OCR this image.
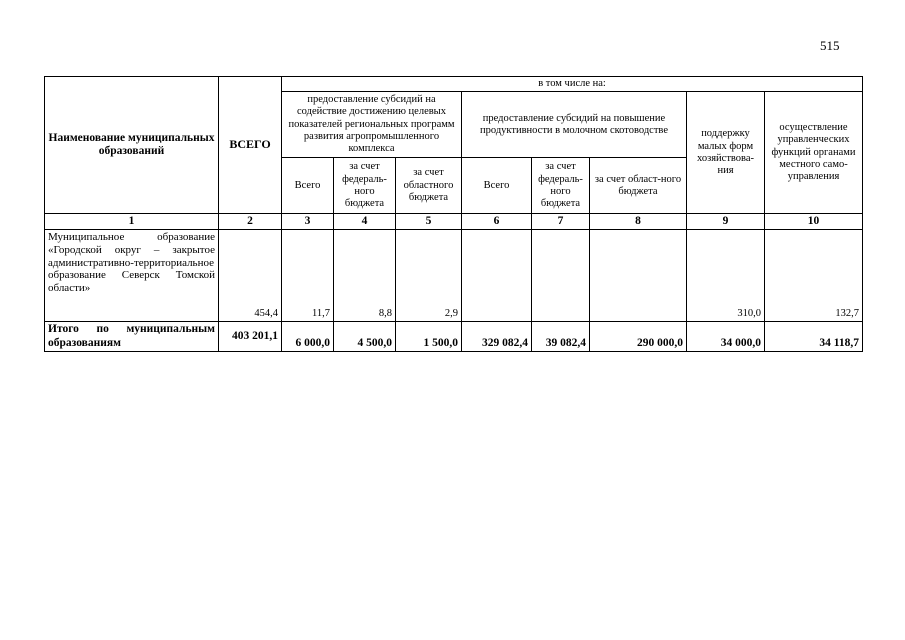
515
Наименование муниципальных образований	ВСЕГО	в том числе на:							
		предоставление субсидий на содействие достижению целевых показателей региональных программ развития агропромышленного комплекса			предоставление субсидий на повышение продуктивности в молочном скотоводстве			поддержку малых форм хозяйствова-ния	осуществление управленческих функций органами местного само-управления
		Всего	за счет федераль-ного бюджета	за счет областного бюджета	Всего	за счет федераль-ного бюджета	за счет област-ного бюджета		
1	2	3	4	5	6	7	8	9	10
Муниципальное образование «Городской округ – закрытое административно-территориальное образование Северск Томской области»	454,4	11,7	8,8	2,9				310,0	132,7
Итого по муниципальным образованиям	403 201,1	6 000,0	4 500,0	1 500,0	329 082,4	39 082,4	290 000,0	34 000,0	34 118,7
